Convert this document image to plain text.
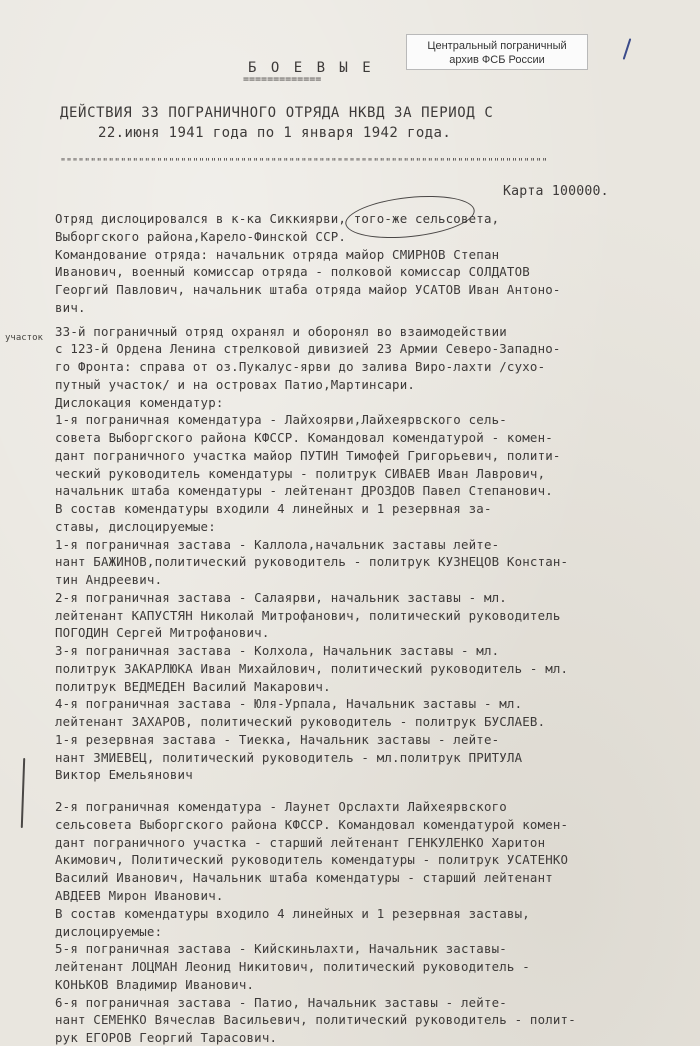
Центральный пограничный
архив ФСБ России
Б О Е В Ы Е
=============
ДЕЙСТВИЯ 33 ПОГРАНИЧНОГО ОТРЯДА НКВД ЗА ПЕРИОД С
22.июня 1941 года по 1 января 1942 года.
"""""""""""""""""""""""""""""""""""""""""""""""""""""""""""""""""""""""""""""""""
Карта 100000.
участок
Отряд дислоцировался в к-ка Сиккиярви, того-же сельсовета,
Выборгского района,Карело-Финской ССР.
Командование отряда: начальник отряда майор СМИРНОВ Степан
Иванович, военный комиссар отряда - полковой комиссар СОЛДАТОВ
Георгий Павлович, начальник штаба отряда майор УСАТОВ Иван Антоно-
вич.
33-й пограничный отряд охранял и оборонял во взаимодействии
с 123-й Ордена Ленина стрелковой дивизией 23 Армии Северо-Западно-
го Фронта: справа от оз.Пукалус-ярви до залива Виро-лахти /сухо-
путный участок/ и на островах Патио,Мартинсари.
Дислокация комендатур:
1-я пограничная комендатура - Лайхоярви,Лайхеярвского сель-
совета Выборгского района КФССР. Командовал комендатурой - комен-
дант пограничного участка майор ПУТИН Тимофей Григорьевич, полити-
ческий руководитель комендатуры - политрук СИВАЕВ Иван Лаврович,
начальник штаба комендатуры - лейтенант ДРОЗДОВ Павел Степанович.
В состав комендатуры входили 4 линейных и 1 резервная за-
ставы, дислоцируемые:
1-я пограничная застава - Каллола,начальник заставы лейте-
нант БАЖИНОВ,политический руководитель - политрук КУЗНЕЦОВ Констан-
тин Андреевич.
2-я пограничная застава - Салаярви, начальник заставы - мл.
лейтенант КАПУСТЯН Николай Митрофанович, политический руководитель
ПОГОДИН Сергей Митрофанович.
3-я пограничная застава - Колхола, Начальник заставы - мл.
политрук ЗАКАРЛЮКА Иван Михайлович, политический руководитель - мл.
политрук ВЕДМЕДЕН Василий Макарович.
4-я пограничная застава - Юля-Урпала, Начальник заставы - мл.
лейтенант ЗАХАРОВ, политический руководитель - политрук БУСЛАЕВ.
1-я резервная застава - Тиекка, Начальник заставы - лейте-
нант ЗМИЕВЕЦ, политический руководитель - мл.политрук ПРИТУЛА
Виктор Емельянович
2-я пограничная комендатура - Лаунет Орслахти Лайхеярвского
сельсовета Выборгского района КФССР. Командовал комендатурой комен-
дант пограничного участка - старший лейтенант ГЕНКУЛЕНКО Харитон
Акимович, Политический руководитель комендатуры - политрук УСАТЕНКО
Василий Иванович, Начальник штаба комендатуры - старший лейтенант
АВДЕЕВ Мирон Иванович.
В состав комендатуры входило 4 линейных и 1 резервная заставы,
дислоцируемые:
5-я пограничная застава - Кийскиньлахти, Начальник заставы-
лейтенант ЛОЦМАН Леонид Никитович, политический руководитель -
КОНЬКОВ Владимир Иванович.
6-я пограничная застава - Патио, Начальник заставы - лейте-
нант СЕМЕНКО Вячеслав Васильевич, политический руководитель - полит-
рук ЕГОРОВ Георгий Тарасович.
